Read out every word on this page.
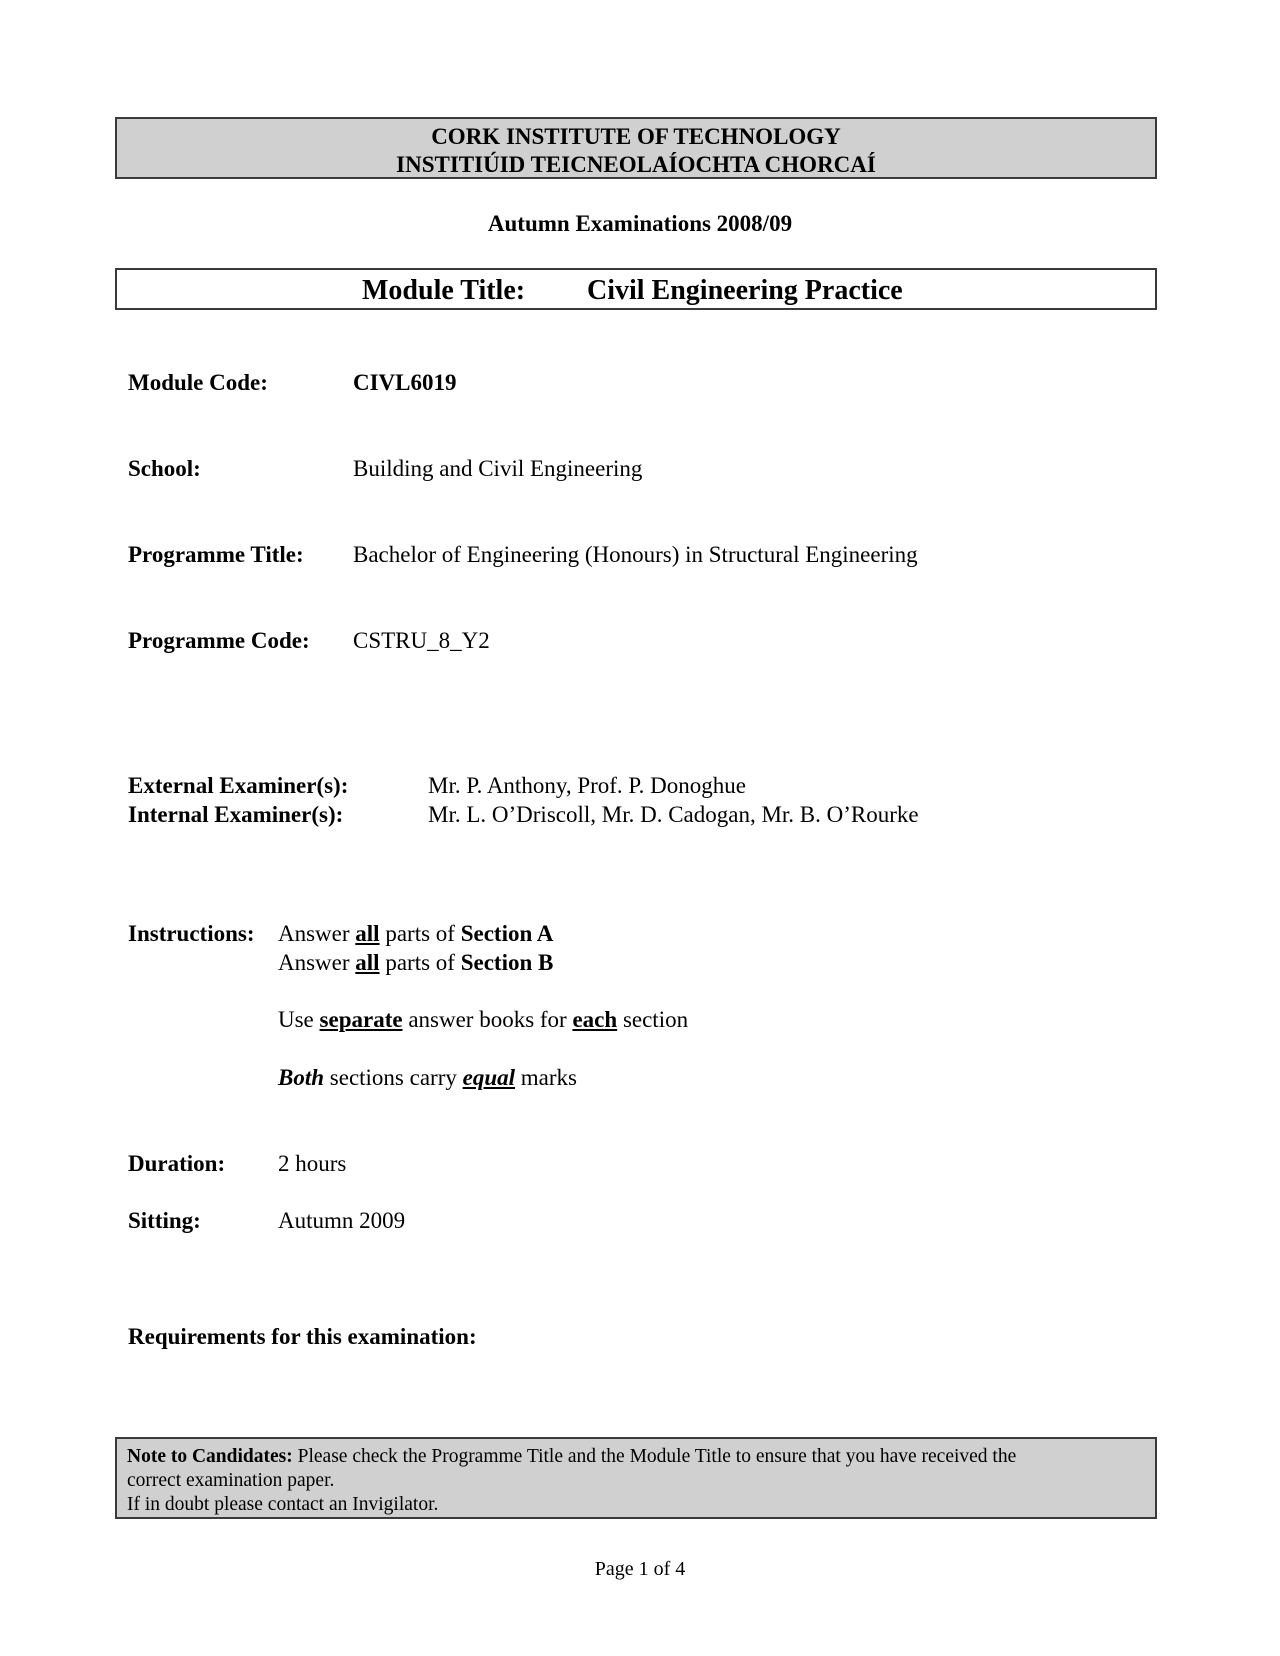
CORK INSTITUTE OF TECHNOLOGY
INSTITIÚID TEICNEOLAÍOCHTA CHORCAÍ
Autumn Examinations 2008/09
Module Title: Civil Engineering Practice
Module Code:	CIVL6019
School:	Building and Civil Engineering
Programme Title: Bachelor of Engineering (Honours) in Structural Engineering
Programme Code: CSTRU_8_Y2
External Examiner(s):	Mr. P. Anthony, Prof. P. Donoghue
Internal Examiner(s):	Mr. L. O’Driscoll, Mr. D. Cadogan, Mr. B. O’Rourke
Instructions: Answer all parts of Section A
Answer all parts of Section B
Use separate answer books for each section
Both sections carry equal marks
Duration: 2 hours
Sitting:	Autumn 2009
Requirements for this examination:
Note to Candidates: Please check the Programme Title and the Module Title to ensure that you have received the
correct examination paper.
If in doubt please contact an Invigilator.
Page 1 of 4
